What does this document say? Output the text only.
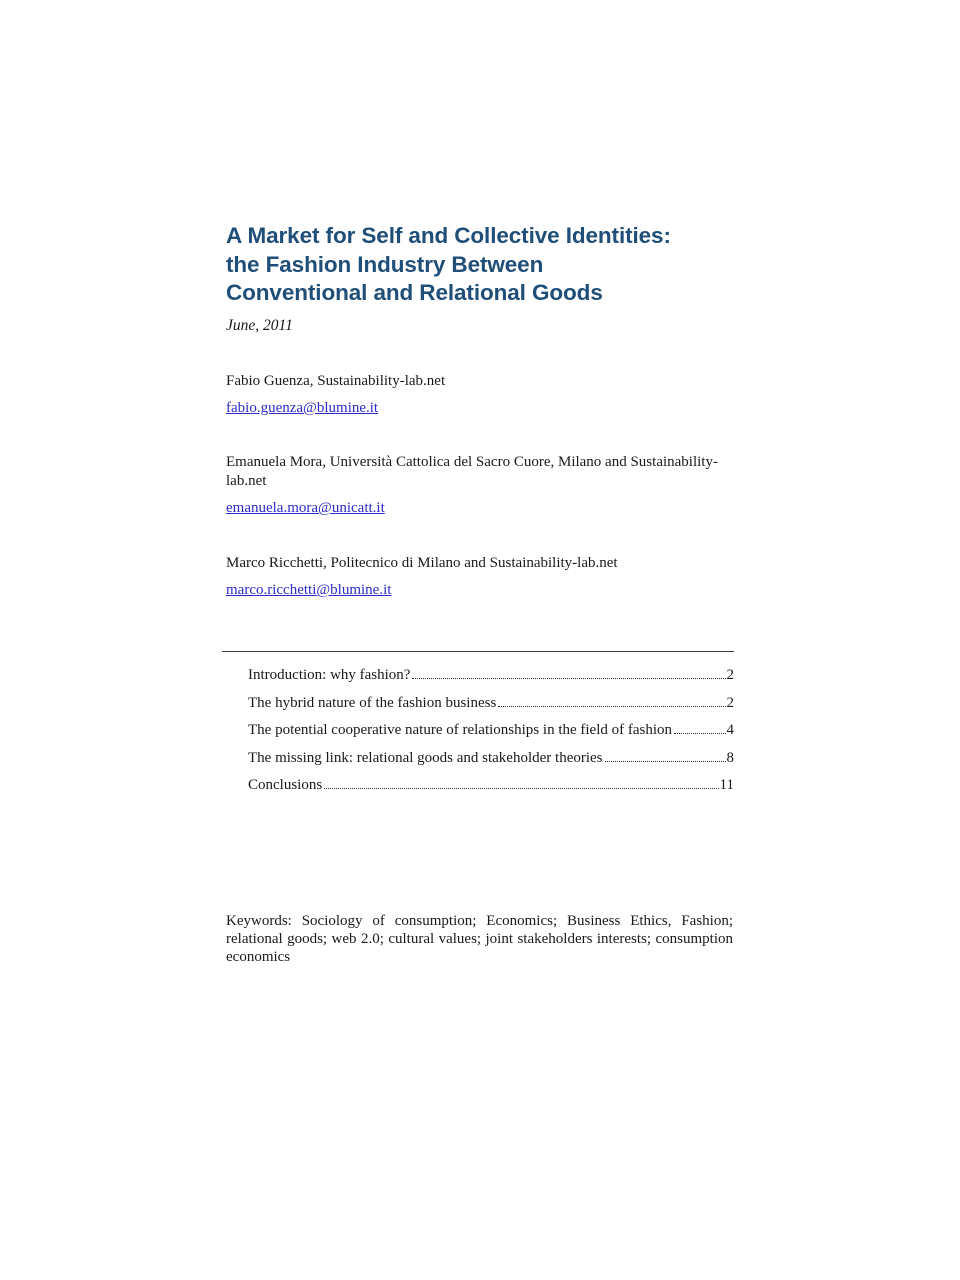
A Market for Self and Collective Identities:
the Fashion Industry Between
Conventional and Relational Goods
June, 2011

Fabio Guenza, Sustainability-lab.net

fabio.guenza@blumine.it

Emanuela Mora, Università Cattolica del Sacro Cuore, Milano and Sustainability-lab.net

emanuela.mora@unicatt.it

Marco Ricchetti, Politecnico di Milano and Sustainability-lab.net

marco.ricchetti@blumine.it
Introduction: why fashion?	2
The hybrid nature of the fashion business	2
The potential cooperative nature of relationships in the field of fashion	4
The missing link: relational goods and stakeholder theories	8
Conclusions	11

Keywords: Sociology of consumption; Economics; Business Ethics, Fashion; relational goods; web 2.0; cultural values; joint stakeholders interests; consumption economics
